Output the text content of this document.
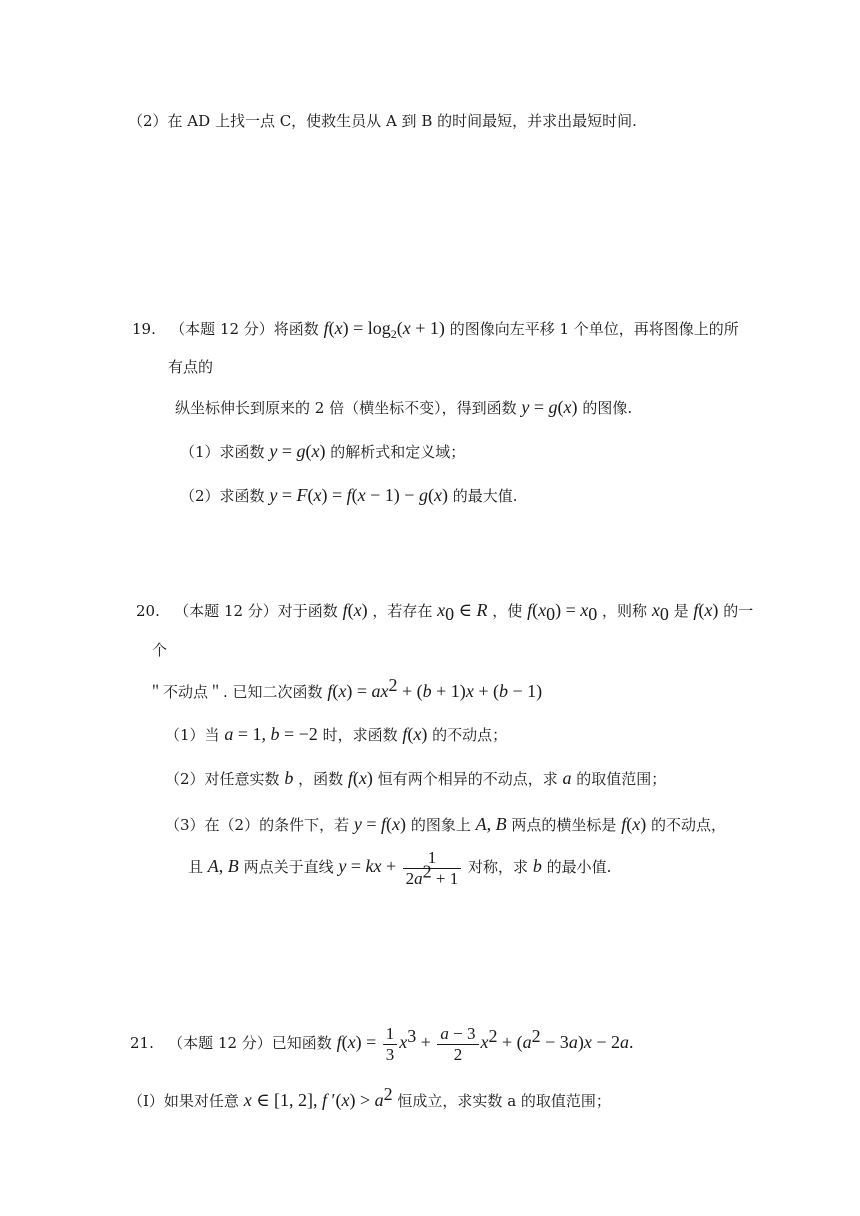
（2）在 AD 上找一点 C，使救生员从 A 到 B 的时间最短，并求出最短时间.
19. （本题 12 分）将函数 $f(x) = \log_2(x + 1)$ 的图像向左平移 1 个单位，再将图像上的所
有点的
纵坐标伸长到原来的 2 倍（横坐标不变），得到函数 y = g(x) 的图像.
（1）求函数 y = g(x) 的解析式和定义域；
（2）求函数 y = F(x) = f(x − 1) − g(x) 的最大值.
20. （本题 12 分）对于函数 f(x) ，若存在 $x_0$ ∈ R ，使 $f(x_0) = x_0$ ，则称 $x_0$ 是 f(x) 的一
个
＂不动点＂. 已知二次函数 $f(x) = ax^2 + (b + 1)x + (b - 1)$
（1）当 a = 1, b = −2 时，求函数 f(x) 的不动点；
（2）对任意实数 b ，函数 f(x) 恒有两个相异的不动点，求 a 的取值范围；
（3）在（2）的条件下，若 y = f(x) 的图象上 A, B 两点的横坐标是 f(x) 的不动点，
且 A, B 两点关于直线 y = kx + $\frac{1}{2a^2 + 1}$ 对称，求 b 的最小值.
21. （本题 12 分）已知函数 $f(x) = \frac{1}{3} x^3 + \frac{a - 3}{2} x^2 + (a^2 - 3a)x - 2a$.
（I）如果对任意 x ∈ [1, 2], f $'(x) > a^2$ 恒成立，求实数 a 的取值范围；
